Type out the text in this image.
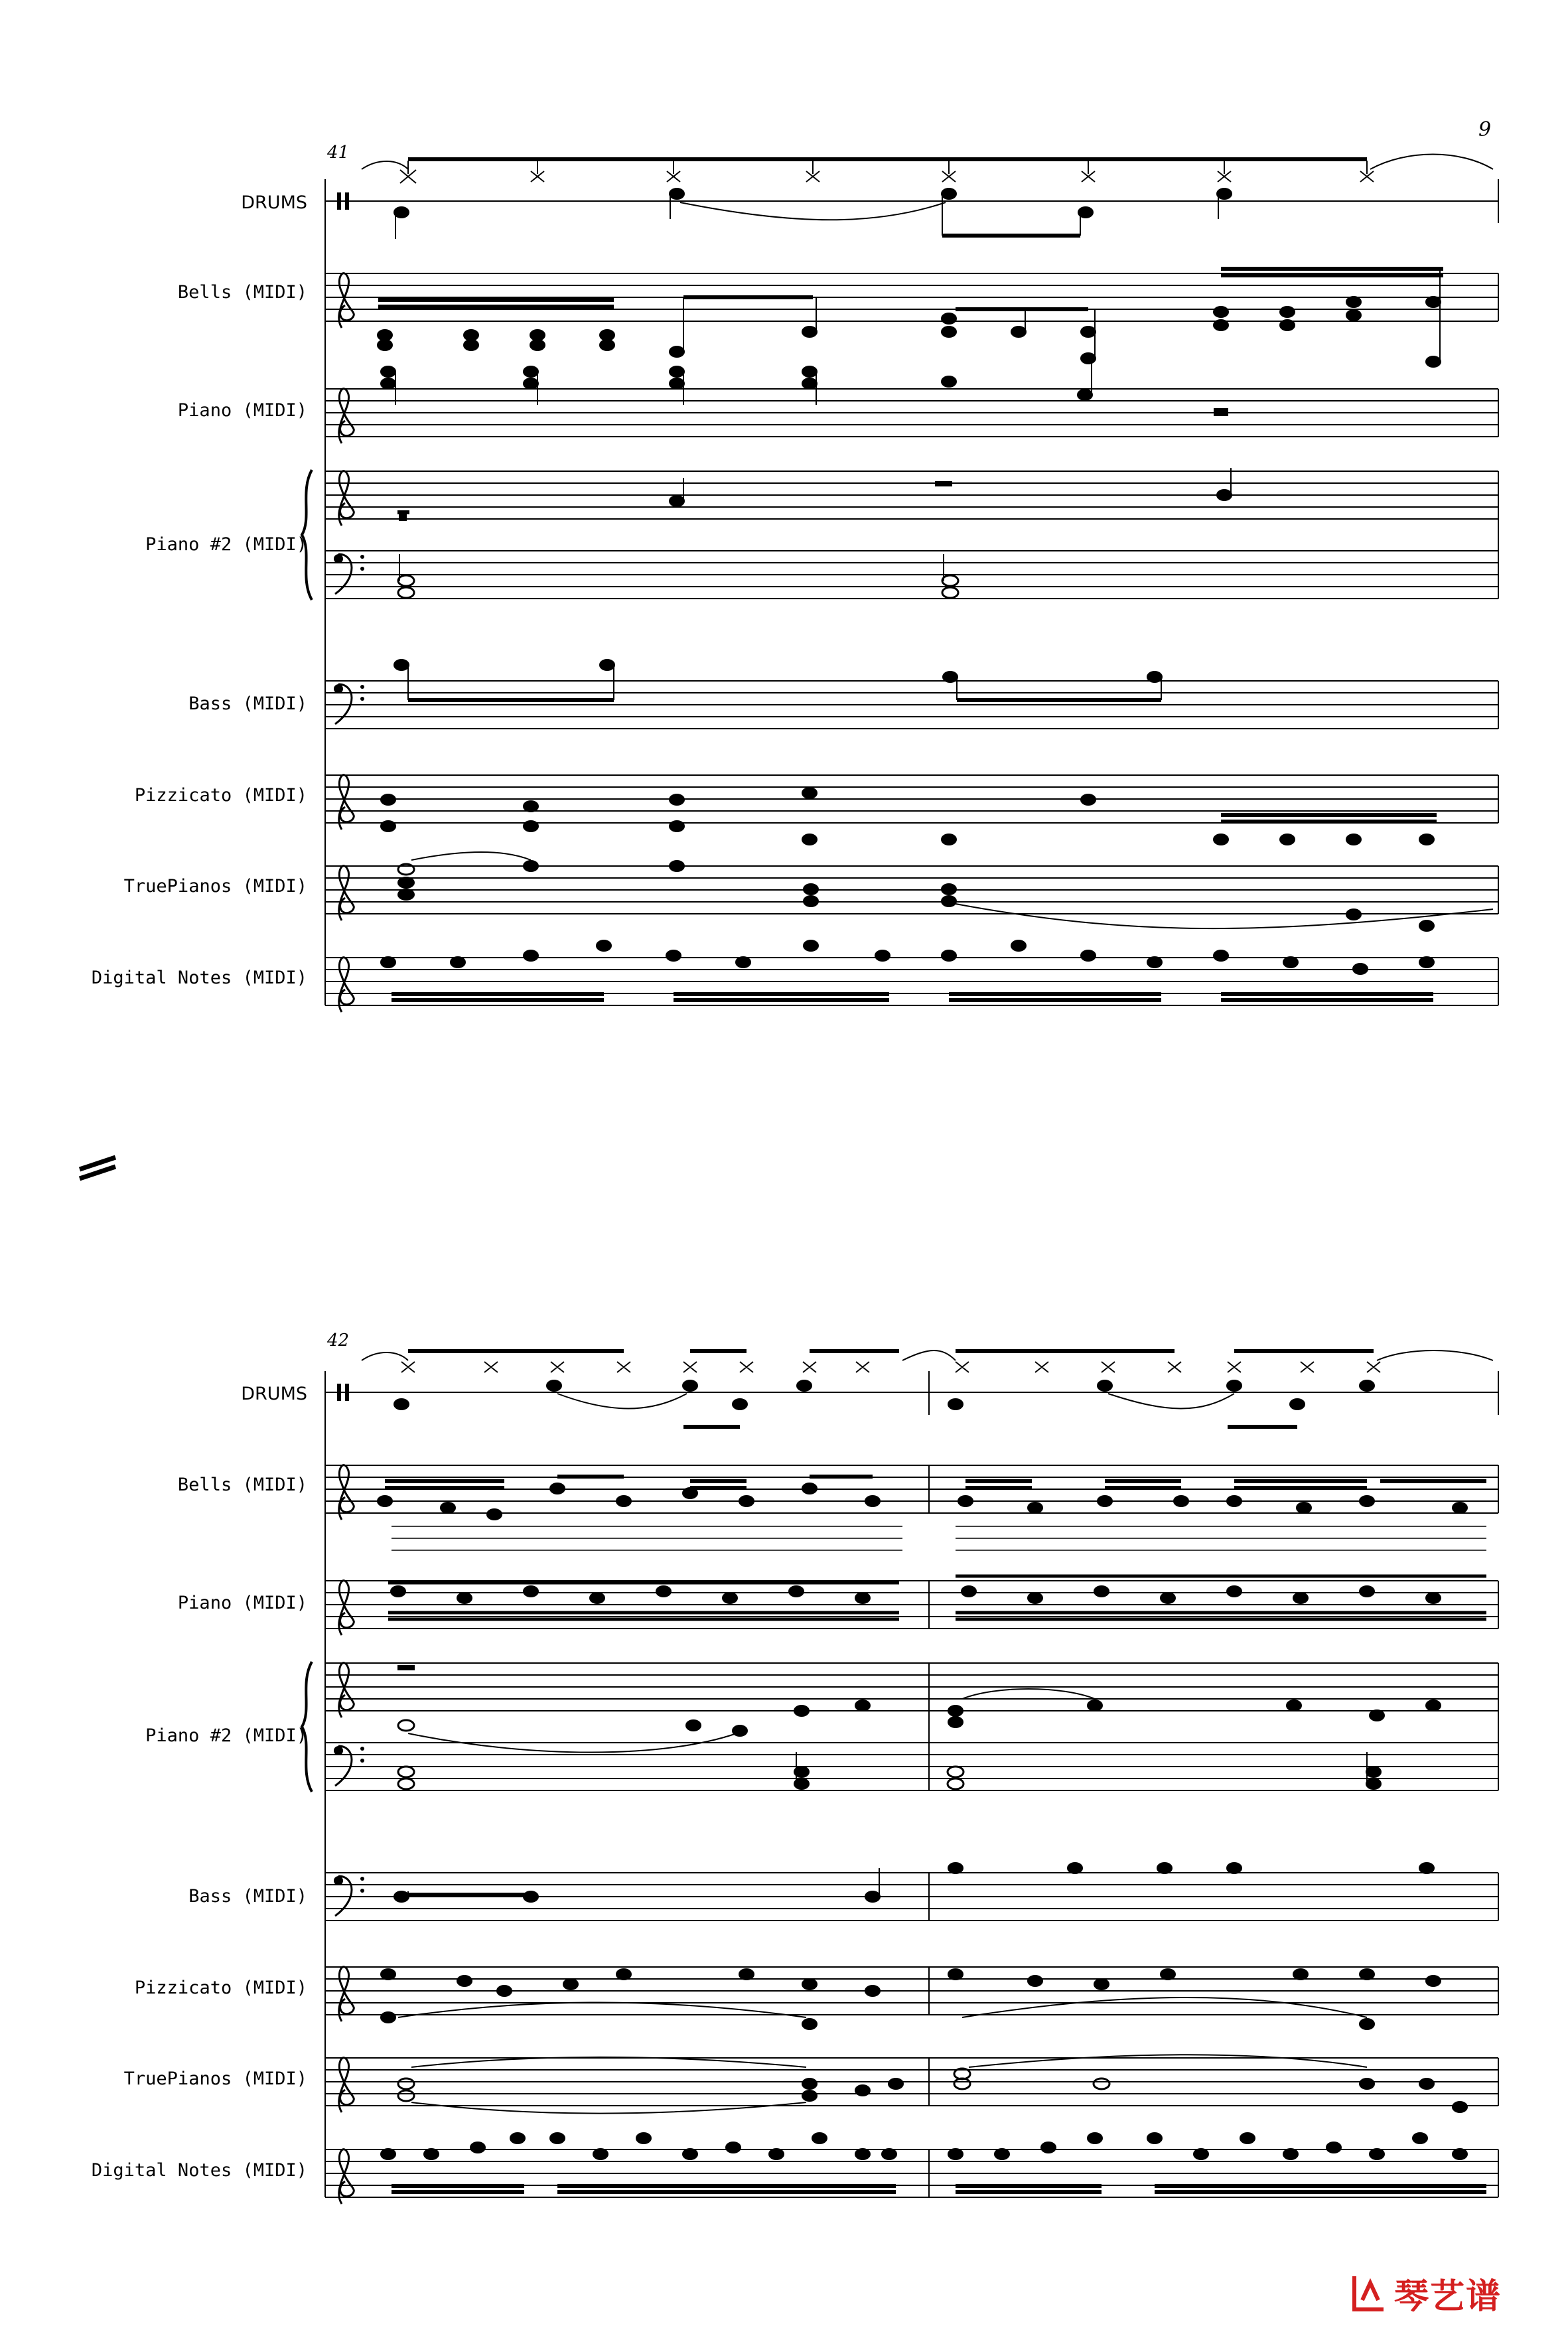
9
41
DRUMS
Bells (MIDI)
Piano (MIDI)
Piano #2 (MIDI)
Bass (MIDI)
Pizzicato (MIDI)
TruePianos (MIDI)
Digital Notes (MIDI)
42
DRUMS
Bells (MIDI)
Piano (MIDI)
Piano #2 (MIDI)
Bass (MIDI)
Pizzicato (MIDI)
TruePianos (MIDI)
Digital Notes (MIDI)
琴艺谱
